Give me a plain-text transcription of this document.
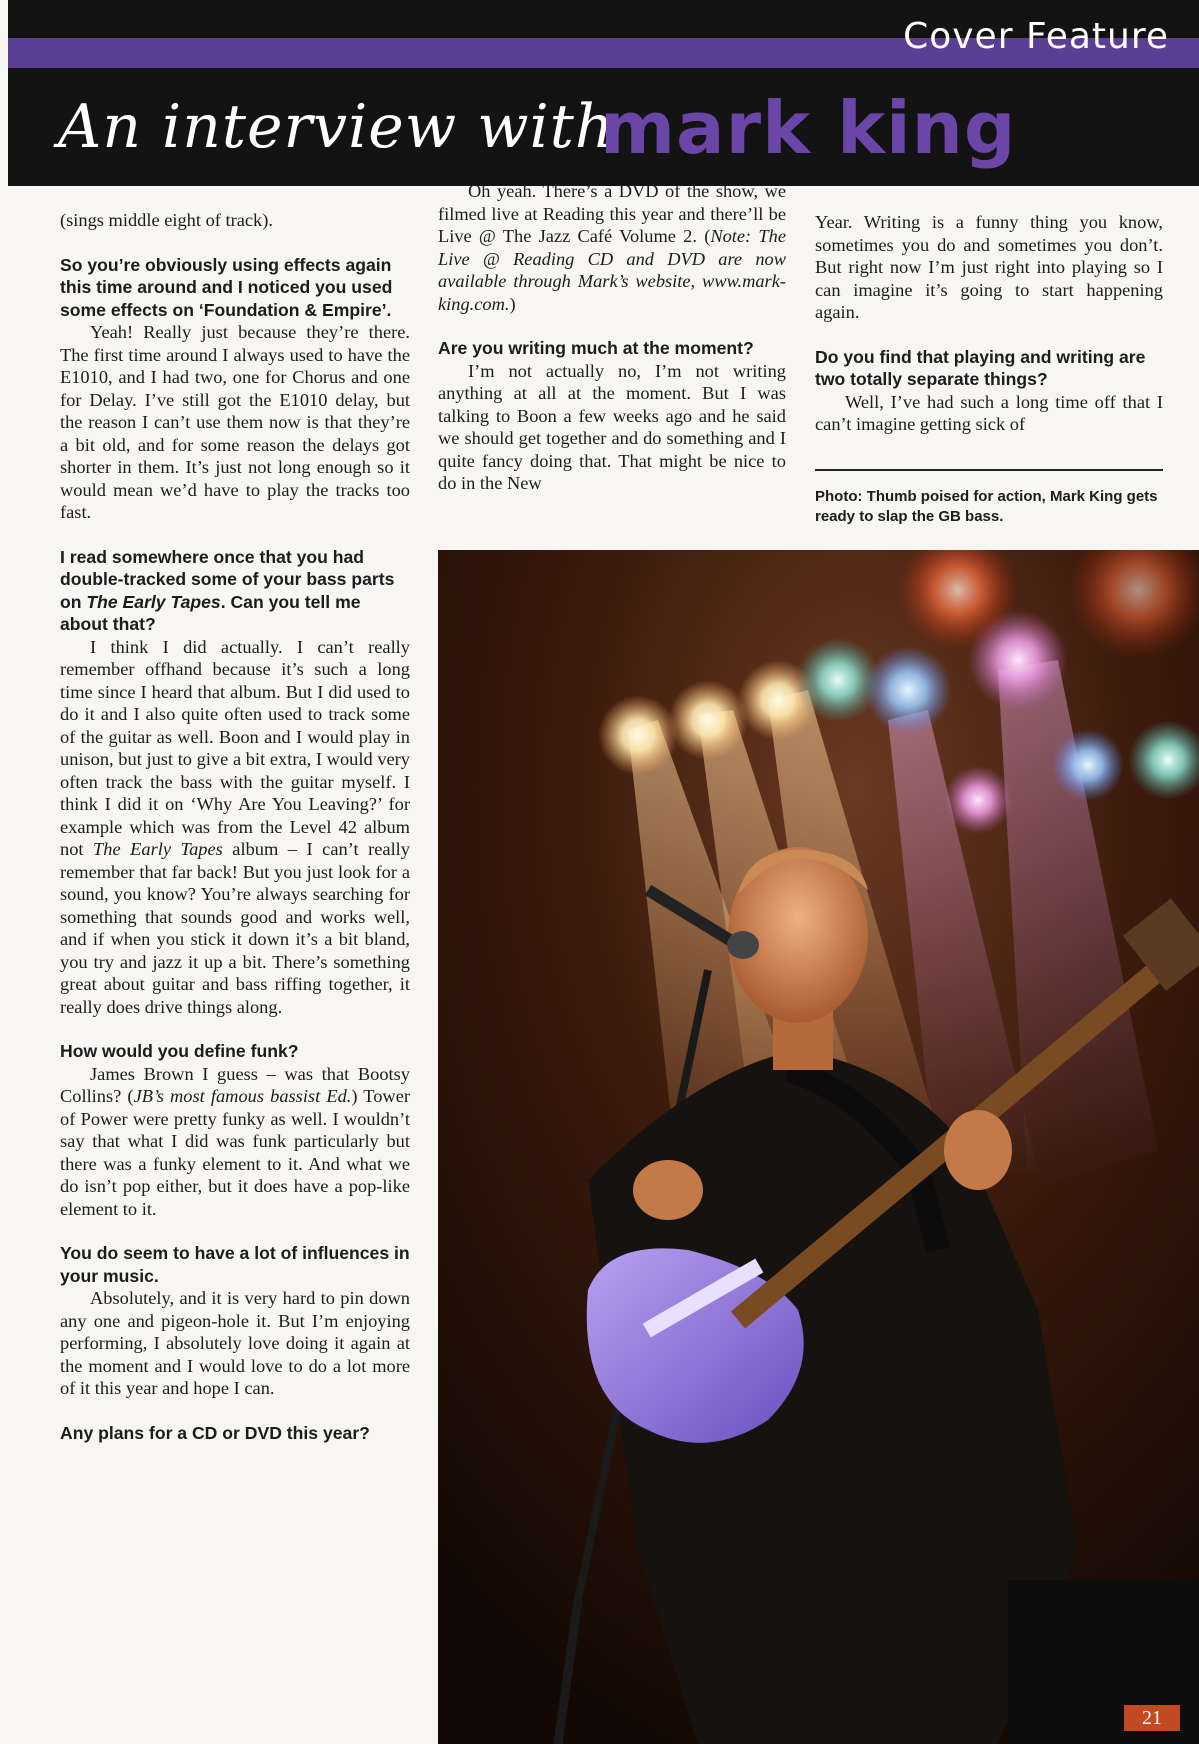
Cover Feature
An interview with
mark king

(sings middle eight of track).

So you’re obviously using effects again this time around and I noticed you used some effects on ‘Foundation & Empire’.

Yeah! Really just because they’re there. The first time around I always used to have the E1010, and I had two, one for Chorus and one for Delay. I’ve still got the E1010 delay, but the reason I can’t use them now is that they’re a bit old, and for some reason the delays got shorter in them. It’s just not long enough so it would mean we’d have to play the tracks too fast.

I read somewhere once that you had double-tracked some of your bass parts on The Early Tapes. Can you tell me about that?

I think I did actually. I can’t really remember offhand because it’s such a long time since I heard that album. But I did used to do it and I also quite often used to track some of the guitar as well. Boon and I would play in unison, but just to give a bit extra, I would very often track the bass with the guitar myself. I think I did it on ‘Why Are You Leaving?’ for example which was from the Level 42 album not The Early Tapes album – I can’t really remember that far back! But you just look for a sound, you know? You’re always searching for something that sounds good and works well, and if when you stick it down it’s a bit bland, you try and jazz it up a bit. There’s something great about guitar and bass riffing together, it really does drive things along.

How would you define funk?

James Brown I guess – was that Bootsy Collins? (JB’s most famous bassist Ed.) Tower of Power were pretty funky as well. I wouldn’t say that what I did was funk particularly but there was a funky element to it. And what we do isn’t pop either, but it does have a pop-like element to it.

You do seem to have a lot of influences in your music.

Absolutely, and it is very hard to pin down any one and pigeon-hole it. But I’m enjoying performing, I absolutely love doing it again at the moment and I would love to do a lot more of it this year and hope I can.

Any plans for a CD or DVD this year?

Oh yeah. There’s a DVD of the show, we filmed live at Reading this year and there’ll be Live @ The Jazz Café Volume 2. (Note: The Live @ Reading CD and DVD are now available through Mark’s website, www.mark-king.com.)

Are you writing much at the moment?

I’m not actually no, I’m not writing anything at all at the moment. But I was talking to Boon a few weeks ago and he said we should get together and do something and I quite fancy doing that. That might be nice to do in the New

Year. Writing is a funny thing you know, sometimes you do and sometimes you don’t. But right now I’m just right into playing so I can imagine it’s going to start happening again.

Do you find that playing and writing are two totally separate things?

Well, I’ve had such a long time off that I can’t imagine getting sick of

Photo: Thumb poised for action, Mark King gets ready to slap the GB bass.
21
